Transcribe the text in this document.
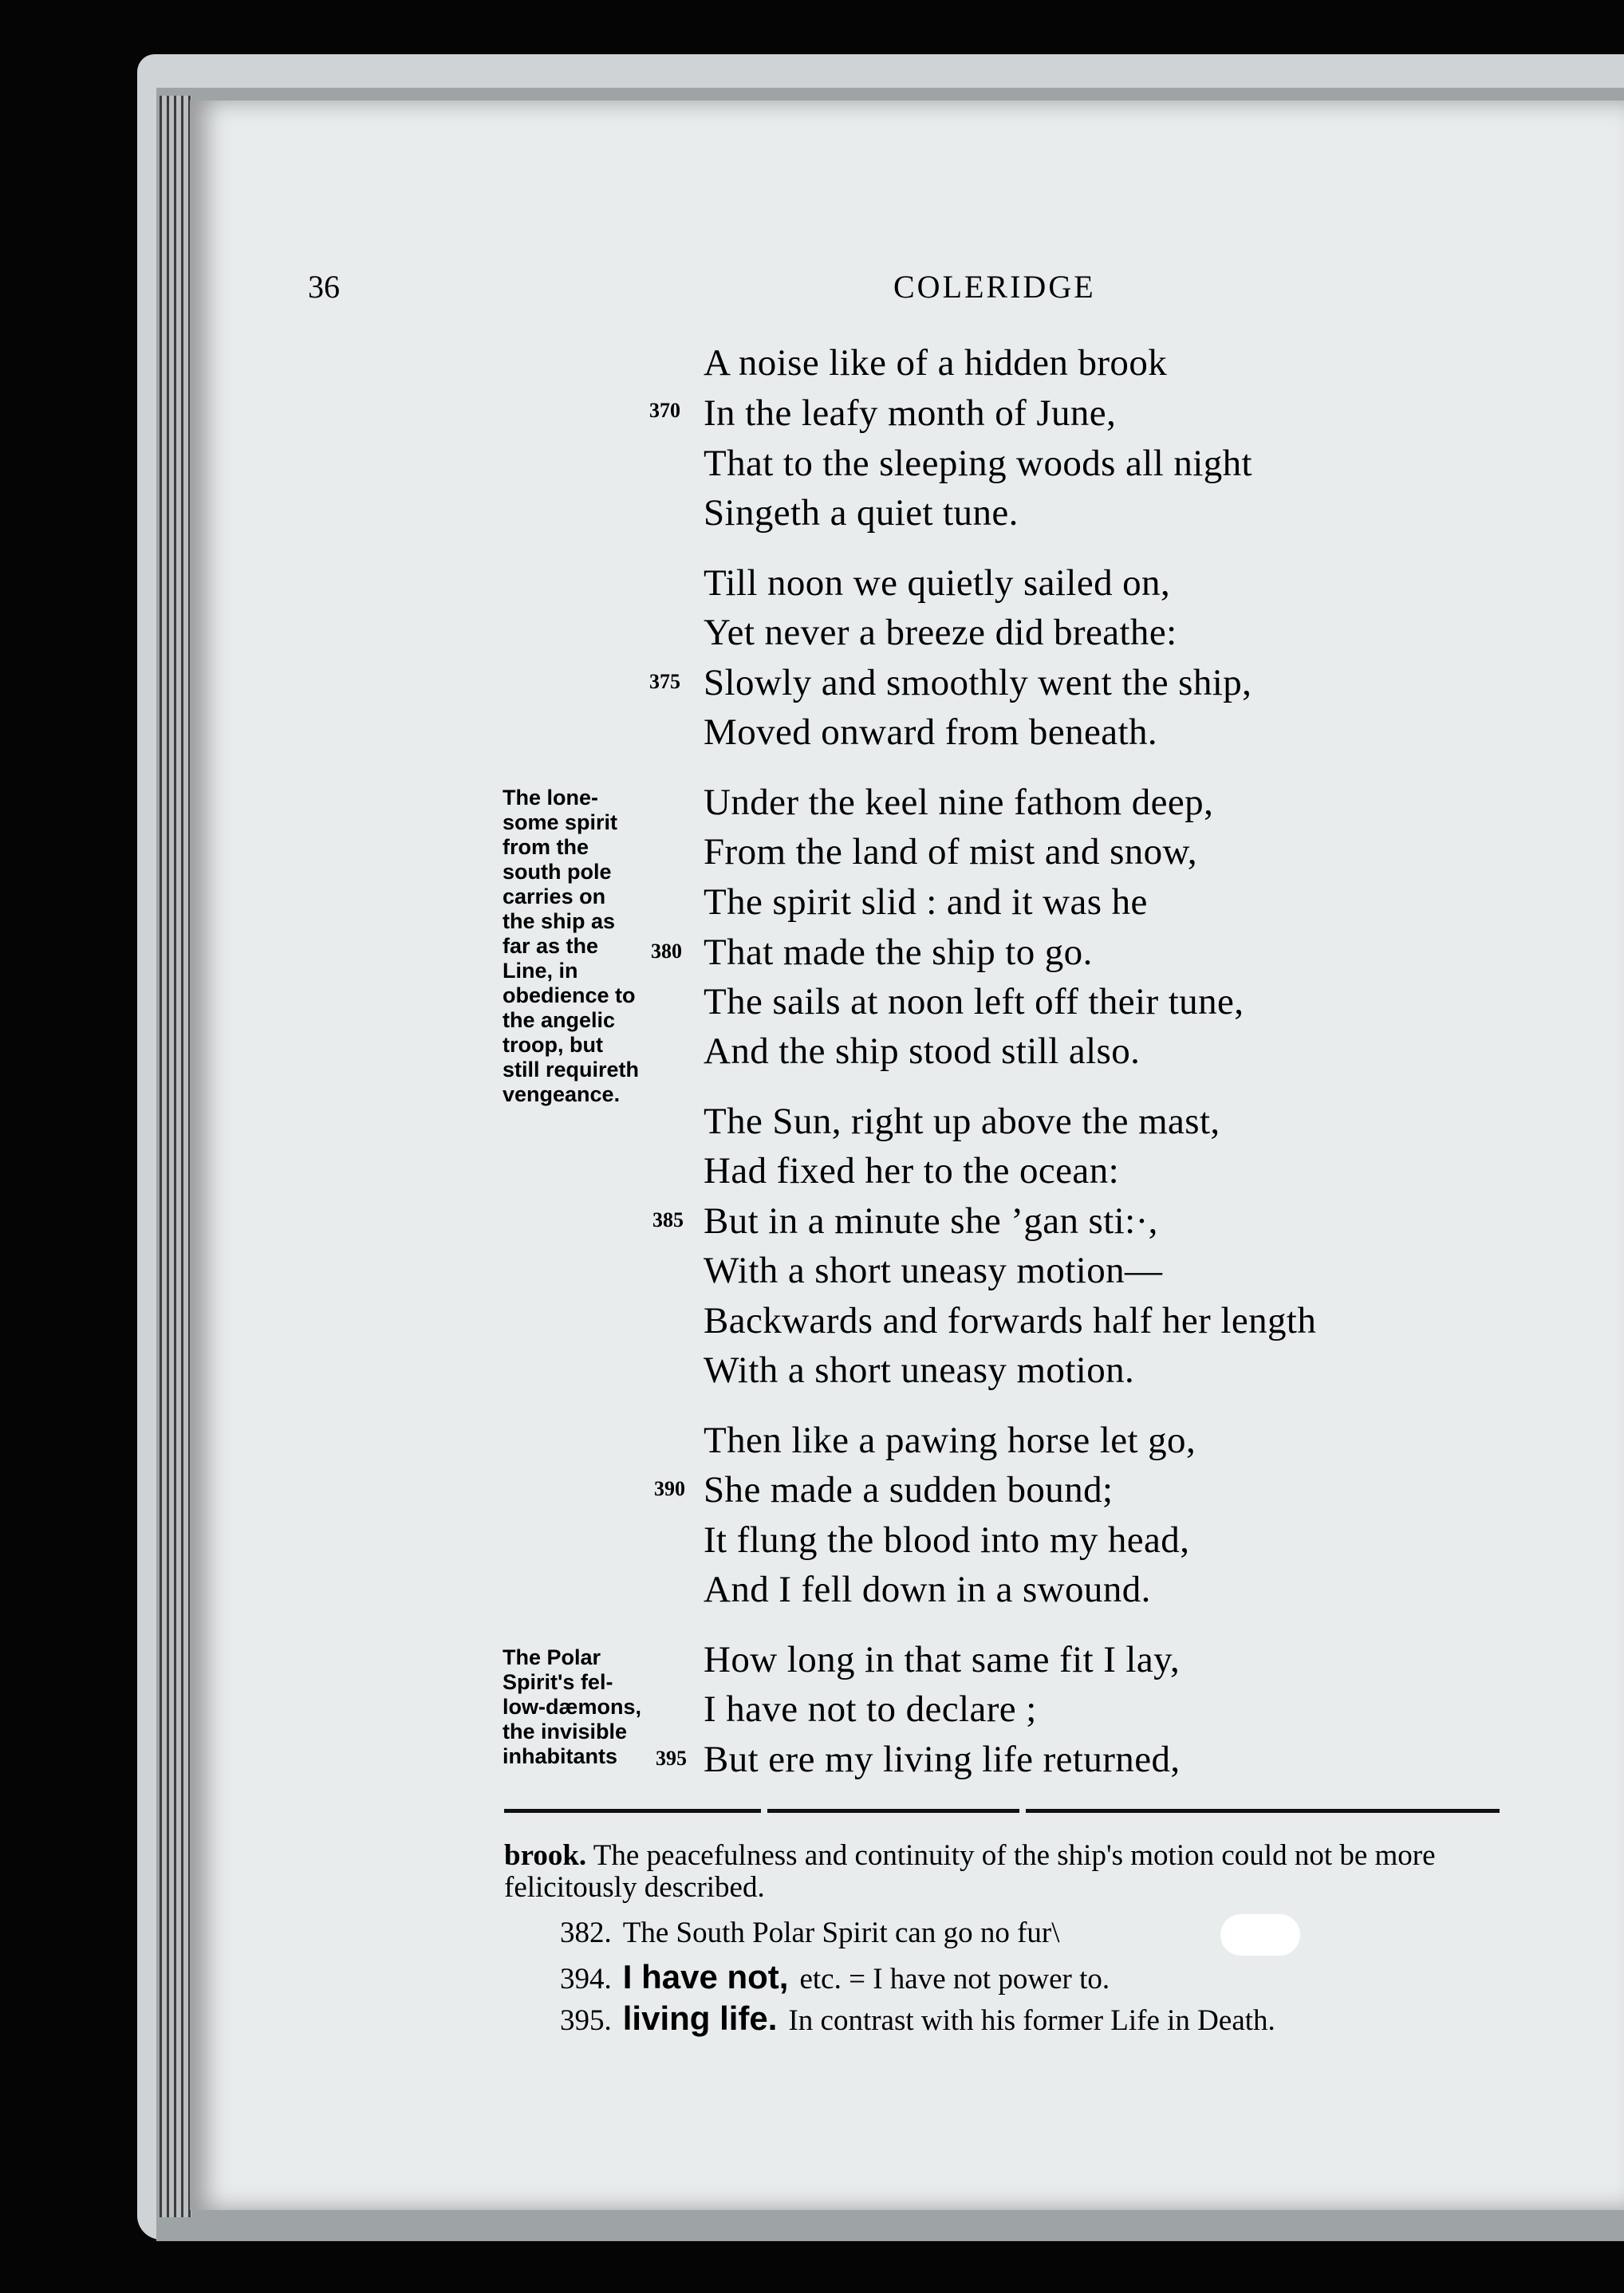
36	COLERIDGE
A noise like of a hidden brook
In the leafy month of June,
That to the sleeping woods all night
Singeth a quiet tune.
Till noon we quietly sailed on,
Yet never a breeze did breathe:
Slowly and smoothly went the ship,
Moved onward from beneath.
Under the keel nine fathom deep,
From the land of mist and snow,
The spirit slid : and it was he
That made the ship to go.
The sails at noon left off their tune,
And the ship stood still also.
The Sun, right up above the mast,
Had fixed her to the ocean:
But in a minute she ’gan sti:·,
With a short uneasy motion—
Backwards and forwards half her length
With a short uneasy motion.
Then like a pawing horse let go,
She made a sudden bound;
It flung the blood into my head,
And I fell down in a swound.
How long in that same fit I lay,
I have not to declare ;
But ere my living life returned,
370
375
380
385
390
395
The lone-
some spirit
from the
south pole
carries on
the ship as
far as the
Line, in
obedience to
the angelic
troop, but
still requireth
vengeance.
The Polar
Spirit's fel-
low-dæmons,
the invisible
inhabitants
brook. The peacefulness and continuity of the ship's motion could not be more felicitously described.
382. The South Polar Spirit can go no fur\
394. I have not, etc. = I have not power to.
395. living life. In contrast with his former Life in Death.
